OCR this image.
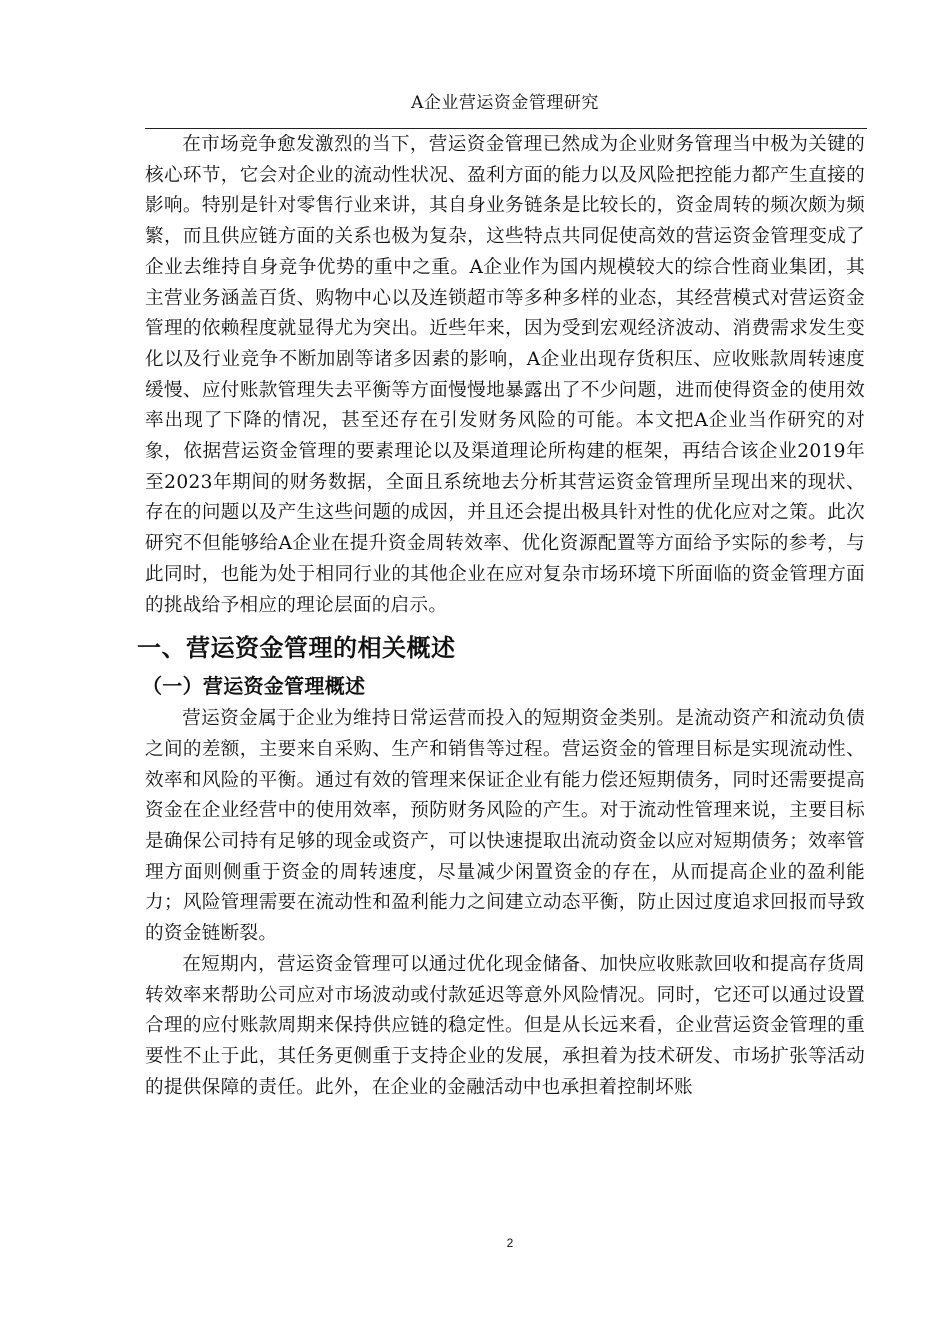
A企业营运资金管理研究

在市场竞争愈发激烈的当下，营运资金管理已然成为企业财务管理当中极为关键的核心环节，它会对企业的流动性状况、盈利方面的能力以及风险把控能力都产生直接的影响。特别是针对零售行业来讲，其自身业务链条是比较长的，资金周转的频次颇为频繁，而且供应链方面的关系也极为复杂，这些特点共同促使高效的营运资金管理变成了企业去维持自身竞争优势的重中之重。A企业作为国内规模较大的综合性商业集团，其主营业务涵盖百货、购物中心以及连锁超市等多种多样的业态，其经营模式对营运资金管理的依赖程度就显得尤为突出。近些年来，因为受到宏观经济波动、消费需求发生变化以及行业竞争不断加剧等诸多因素的影响，A企业出现存货积压、应收账款周转速度缓慢、应付账款管理失去平衡等方面慢慢地暴露出了不少问题，进而使得资金的使用效率出现了下降的情况，甚至还存在引发财务风险的可能。本文把A企业当作研究的对象，依据营运资金管理的要素理论以及渠道理论所构建的框架，再结合该企业2019年至2023年期间的财务数据，全面且系统地去分析其营运资金管理所呈现出来的现状、存在的问题以及产生这些问题的成因，并且还会提出极具针对性的优化应对之策。此次研究不但能够给A企业在提升资金周转效率、优化资源配置等方面给予实际的参考，与此同时，也能为处于相同行业的其他企业在应对复杂市场环境下所面临的资金管理方面的挑战给予相应的理论层面的启示。

一、营运资金管理的相关概述
（一）营运资金管理概述

营运资金属于企业为维持日常运营而投入的短期资金类别。是流动资产和流动负债之间的差额，主要来自采购、生产和销售等过程。营运资金的管理目标是实现流动性、效率和风险的平衡。通过有效的管理来保证企业有能力偿还短期债务，同时还需要提高资金在企业经营中的使用效率，预防财务风险的产生。对于流动性管理来说，主要目标是确保公司持有足够的现金或资产，可以快速提取出流动资金以应对短期债务；效率管理方面则侧重于资金的周转速度，尽量减少闲置资金的存在，从而提高企业的盈利能力；风险管理需要在流动性和盈利能力之间建立动态平衡，防止因过度追求回报而导致的资金链断裂。

在短期内，营运资金管理可以通过优化现金储备、加快应收账款回收和提高存货周转效率来帮助公司应对市场波动或付款延迟等意外风险情况。同时，它还可以通过设置合理的应付账款周期来保持供应链的稳定性。但是从长远来看，企业营运资金管理的重要性不止于此，其任务更侧重于支持企业的发展，承担着为技术研发、市场扩张等活动的提供保障的责任。此外，在企业的金融活动中也承担着控制坏账

2
